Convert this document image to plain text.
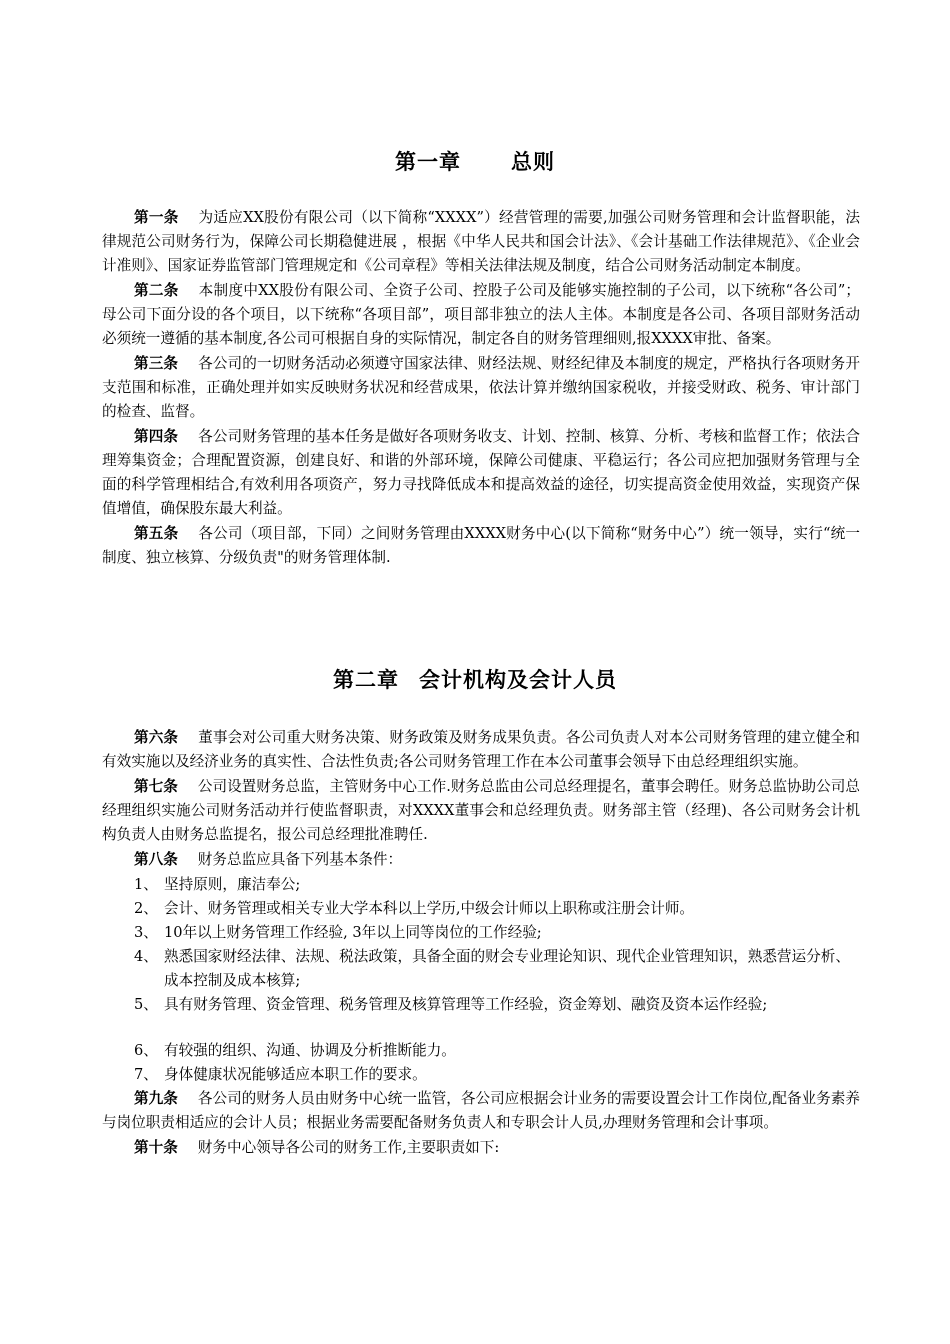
第一章 总则

第一条 为适应XX股份有限公司（以下简称“XXXX”）经营管理的需要,加强公司财务管理和会计监督职能，法律规范公司财务行为，保障公司长期稳健进展 ，根据《中华人民共和国会计法》、《会计基础工作法律规范》、《企业会计准则》、国家证券监管部门管理规定和《公司章程》等相关法律法规及制度，结合公司财务活动制定本制度。

第二条 本制度中XX股份有限公司、全资子公司、控股子公司及能够实施控制的子公司，以下统称“各公司”；母公司下面分设的各个项目，以下统称“各项目部”，项目部非独立的法人主体。本制度是各公司、各项目部财务活动必须统一遵循的基本制度,各公司可根据自身的实际情况，制定各自的财务管理细则,报XXXX审批、备案。

第三条 各公司的一切财务活动必须遵守国家法律、财经法规、财经纪律及本制度的规定，严格执行各项财务开支范围和标准，正确处理并如实反映财务状况和经营成果，依法计算并缴纳国家税收，并接受财政、税务、审计部门的检查、监督。

第四条 各公司财务管理的基本任务是做好各项财务收支、计划、控制、核算、分析、考核和监督工作；依法合理筹集资金；合理配置资源，创建良好、和谐的外部环境，保障公司健康、平稳运行；各公司应把加强财务管理与全面的科学管理相结合,有效利用各项资产，努力寻找降低成本和提高效益的途径，切实提高资金使用效益，实现资产保值增值，确保股东最大利益。

第五条 各公司（项目部，下同）之间财务管理由XXXX财务中心(以下简称“财务中心”）统一领导，实行“统一制度、独立核算、分级负责"的财务管理体制.

第二章 会计机构及会计人员

第六条 董事会对公司重大财务决策、财务政策及财务成果负责。各公司负责人对本公司财务管理的建立健全和有效实施以及经济业务的真实性、合法性负责;各公司财务管理工作在本公司董事会领导下由总经理组织实施。

第七条 公司设置财务总监，主管财务中心工作.财务总监由公司总经理提名，董事会聘任。财务总监协助公司总经理组织实施公司财务活动并行使监督职责，对XXXX董事会和总经理负责。财务部主管（经理)、各公司财务会计机构负责人由财务总监提名，报公司总经理批准聘任.

第八条 财务总监应具备下列基本条件：

1、 坚持原则，廉洁奉公;

2、 会计、财务管理或相关专业大学本科以上学历,中级会计师以上职称或注册会计师。

3、 10年以上财务管理工作经验, 3年以上同等岗位的工作经验;

4、 熟悉国家财经法律、法规、税法政策，具备全面的财会专业理论知识、现代企业管理知识，熟悉营运分析、成本控制及成本核算;

5、 具有财务管理、资金管理、税务管理及核算管理等工作经验，资金筹划、融资及资本运作经验;

6、 有较强的组织、沟通、协调及分析推断能力。

7、 身体健康状况能够适应本职工作的要求。

第九条 各公司的财务人员由财务中心统一监管，各公司应根据会计业务的需要设置会计工作岗位,配备业务素养与岗位职责相适应的会计人员；根据业务需要配备财务负责人和专职会计人员,办理财务管理和会计事项。

第十条 财务中心领导各公司的财务工作,主要职责如下:
